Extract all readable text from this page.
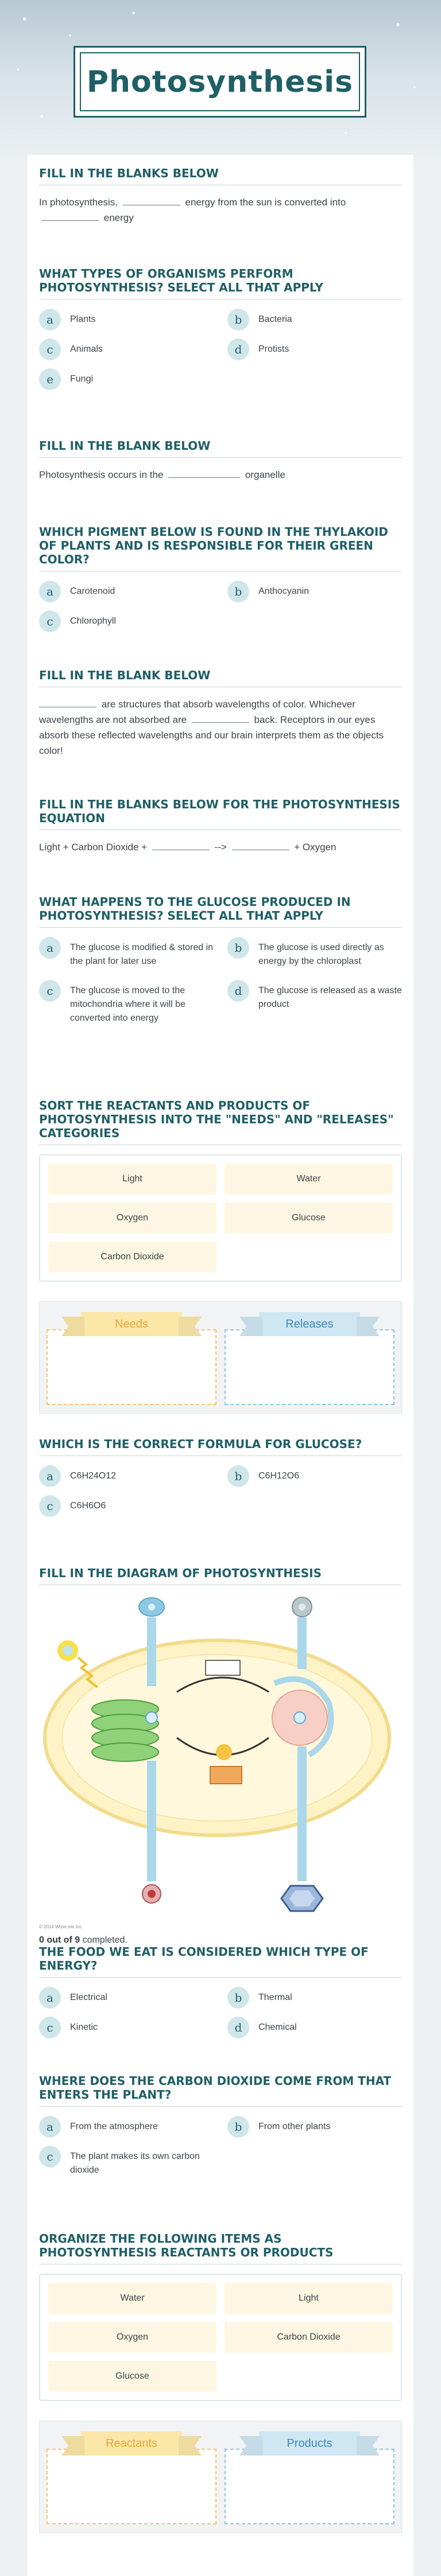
Photosynthesis
FILL IN THE BLANKS BELOW
In photosynthesis,	energy from the sun is converted into
energy
WHAT TYPES OF ORGANISMS PERFORM PHOTOSYNTHESIS? SELECT ALL THAT APPLY
a	Plants	b	Bacteria
c	Animals	d	Protists
e	Fungi
FILL IN THE BLANK BELOW
Photosynthesis occurs in the	organelle
WHICH PIGMENT BELOW IS FOUND IN THE THYLAKOID OF PLANTS AND IS RESPONSIBLE FOR THEIR GREEN COLOR?
a	Carotenoid	b	Anthocyanin
c	Chlorophyll
FILL IN THE BLANK BELOW
are structures that absorb wavelengths of color. Whichever wavelengths are not absorbed are	back. Receptors in our eyes absorb these reflected wavelengths and our brain interprets them as the objects color!
FILL IN THE BLANKS BELOW FOR THE PHOTOSYNTHESIS EQUATION
Light + Carbon Dioxide +	-->	+ Oxygen
WHAT HAPPENS TO THE GLUCOSE PRODUCED IN PHOTOSYNTHESIS? SELECT ALL THAT APPLY
a	The glucose is modified & stored in the plant for later use
b	The glucose is used directly as energy by the chloroplast
c	The glucose is moved to the mitochondria where it will be converted into energy
d	The glucose is released as a waste product
SORT THE REACTANTS AND PRODUCTS OF PHOTOSYNTHESIS INTO THE "NEEDS" AND "RELEASES" CATEGORIES
Light	Water
Oxygen	Glucose
Carbon Dioxide
Needs	Releases
WHICH IS THE CORRECT FORMULA FOR GLUCOSE?
a	C6H24O12	b	C6H12O6
c	C6H6O6
FILL IN THE DIAGRAM OF PHOTOSYNTHESIS
© 2014 Wizer.me Inc.
0 out of 9 completed.
THE FOOD WE EAT IS CONSIDERED WHICH TYPE OF ENERGY?
a	Electrical	b	Thermal
c	Kinetic	d	Chemical
WHERE DOES THE CARBON DIOXIDE COME FROM THAT ENTERS THE PLANT?
a	From the atmosphere	b	From other plants
c	The plant makes its own carbon dioxide
ORGANIZE THE FOLLOWING ITEMS AS PHOTOSYNTHESIS REACTANTS OR PRODUCTS
Water	Light
Oxygen	Carbon Dioxide
Glucose
Reactants	Products
